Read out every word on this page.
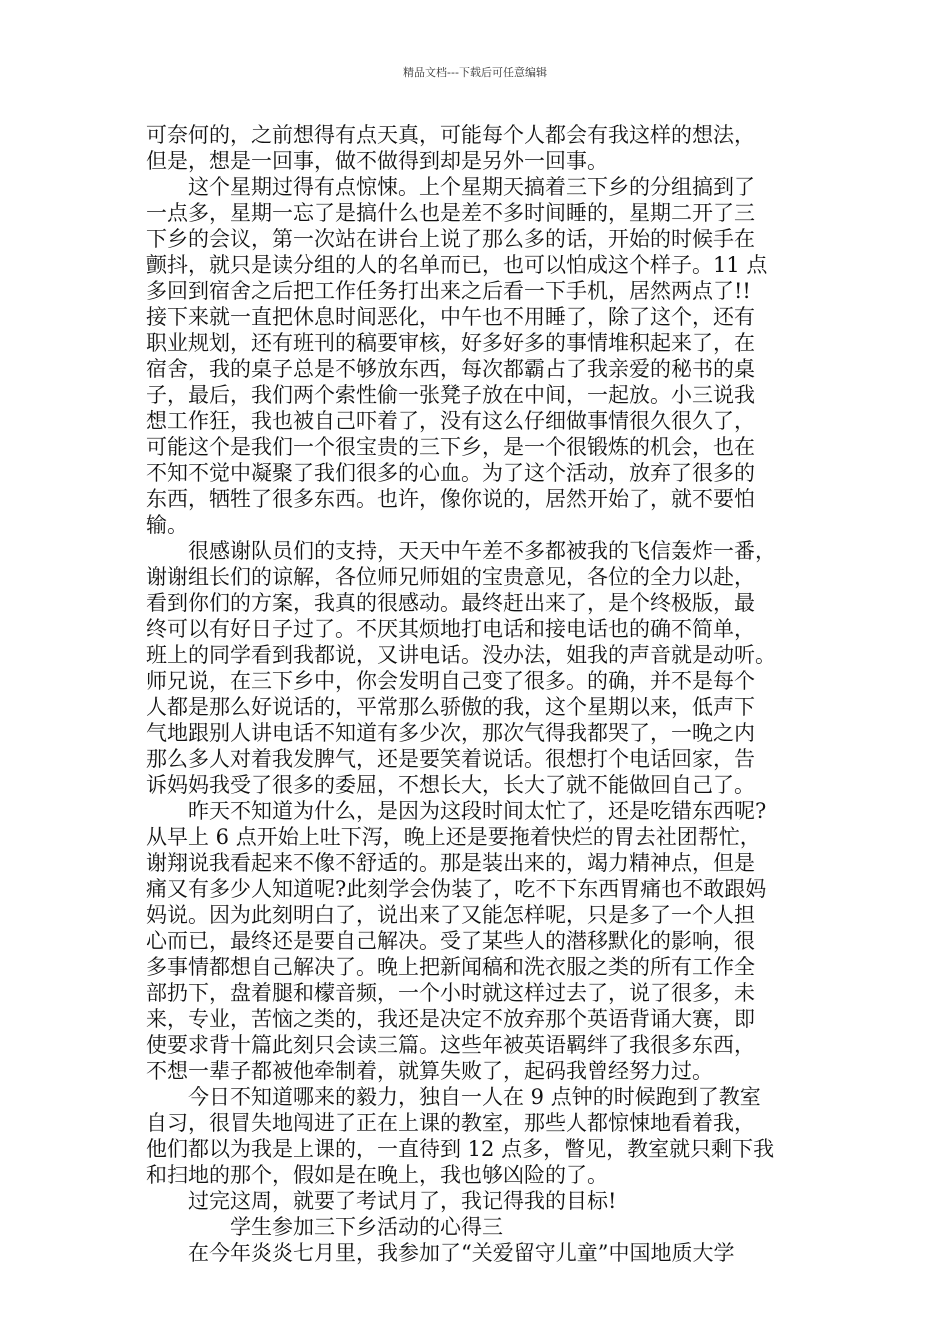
精品文档---下载后可任意编辑
可奈何的，之前想得有点天真，可能每个人都会有我这样的想法，
但是，想是一回事，做不做得到却是另外一回事。
　　这个星期过得有点惊悚。上个星期天搞着三下乡的分组搞到了
一点多，星期一忘了是搞什么也是差不多时间睡的，星期二开了三
下乡的会议，第一次站在讲台上说了那么多的话，开始的时候手在
颤抖，就只是读分组的人的名单而已，也可以怕成这个样子。11 点
多回到宿舍之后把工作任务打出来之后看一下手机，居然两点了!!
接下来就一直把休息时间恶化，中午也不用睡了，除了这个，还有
职业规划，还有班刊的稿要审核，好多好多的事情堆积起来了，在
宿舍，我的桌子总是不够放东西，每次都霸占了我亲爱的秘书的桌
子，最后，我们两个索性偷一张凳子放在中间，一起放。小三说我
想工作狂，我也被自己吓着了，没有这么仔细做事情很久很久了，
可能这个是我们一个很宝贵的三下乡，是一个很锻炼的机会，也在
不知不觉中凝聚了我们很多的心血。为了这个活动，放弃了很多的
东西，牺牲了很多东西。也许，像你说的，居然开始了，就不要怕
输。
　　很感谢队员们的支持，天天中午差不多都被我的飞信轰炸一番，
谢谢组长们的谅解，各位师兄师姐的宝贵意见，各位的全力以赴，
看到你们的方案，我真的很感动。最终赶出来了，是个终极版，最
终可以有好日子过了。不厌其烦地打电话和接电话也的确不简单，
班上的同学看到我都说，又讲电话。没办法，姐我的声音就是动听。
师兄说，在三下乡中，你会发明自己变了很多。的确，并不是每个
人都是那么好说话的，平常那么骄傲的我，这个星期以来，低声下
气地跟别人讲电话不知道有多少次，那次气得我都哭了，一晚之内
那么多人对着我发脾气，还是要笑着说话。很想打个电话回家，告
诉妈妈我受了很多的委屈，不想长大，长大了就不能做回自己了。
　　昨天不知道为什么，是因为这段时间太忙了，还是吃错东西呢?
从早上 6 点开始上吐下泻，晚上还是要拖着快烂的胃去社团帮忙，
谢翔说我看起来不像不舒适的。那是装出来的，竭力精神点，但是
痛又有多少人知道呢?此刻学会伪装了，吃不下东西胃痛也不敢跟妈
妈说。因为此刻明白了，说出来了又能怎样呢，只是多了一个人担
心而已，最终还是要自己解决。受了某些人的潜移默化的影响，很
多事情都想自己解决了。晚上把新闻稿和洗衣服之类的所有工作全
部扔下，盘着腿和檬音频，一个小时就这样过去了，说了很多，未
来，专业，苦恼之类的，我还是决定不放弃那个英语背诵大赛，即
使要求背十篇此刻只会读三篇。这些年被英语羁绊了我很多东西，
不想一辈子都被他牵制着，就算失败了，起码我曾经努力过。
　　今日不知道哪来的毅力，独自一人在 9 点钟的时候跑到了教室
自习，很冒失地闯进了正在上课的教室，那些人都惊悚地看着我，
他们都以为我是上课的，一直待到 12 点多，瞥见，教室就只剩下我
和扫地的那个，假如是在晚上，我也够凶险的了。
　　过完这周，就要了考试月了，我记得我的目标!
　　　　学生参加三下乡活动的心得三
　　在今年炎炎七月里，我参加了“关爱留守儿童”中国地质大学
